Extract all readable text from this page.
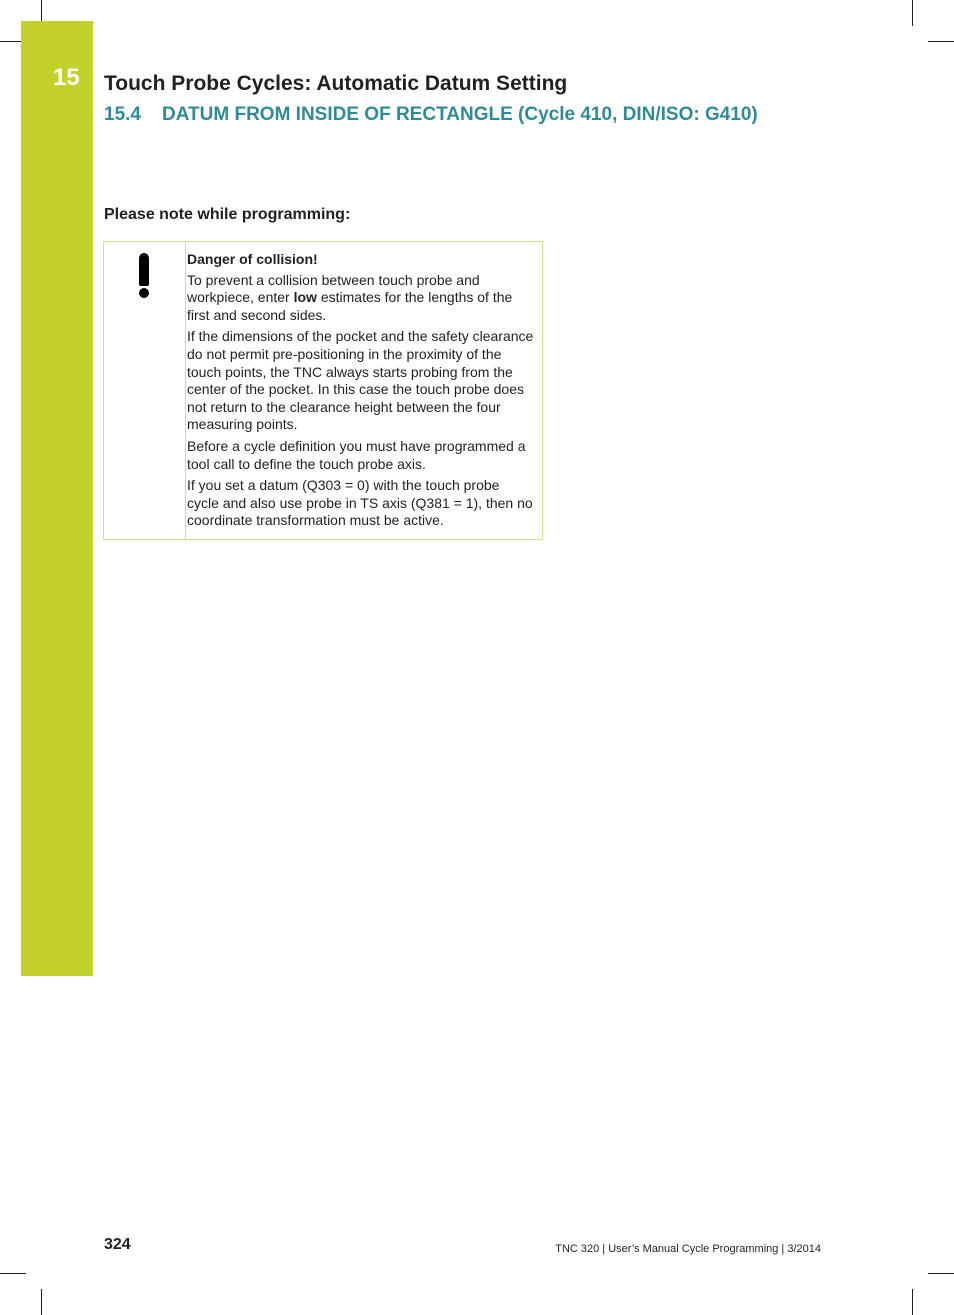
15 Touch Probe Cycles: Automatic Datum Setting
15.4 DATUM FROM INSIDE OF RECTANGLE (Cycle 410, DIN/ISO: G410)
Please note while programming:

Danger of collision!

To prevent a collision between touch probe and workpiece, enter low estimates for the lengths of the first and second sides.

If the dimensions of the pocket and the safety clearance do not permit pre-positioning in the proximity of the touch points, the TNC always starts probing from the center of the pocket. In this case the touch probe does not return to the clearance height between the four measuring points.

Before a cycle definition you must have programmed a tool call to define the touch probe axis.

If you set a datum (Q303 = 0) with the touch probe cycle and also use probe in TS axis (Q381 = 1), then no coordinate transformation must be active.

324	TNC 320 | User’s Manual Cycle Programming | 3/2014
